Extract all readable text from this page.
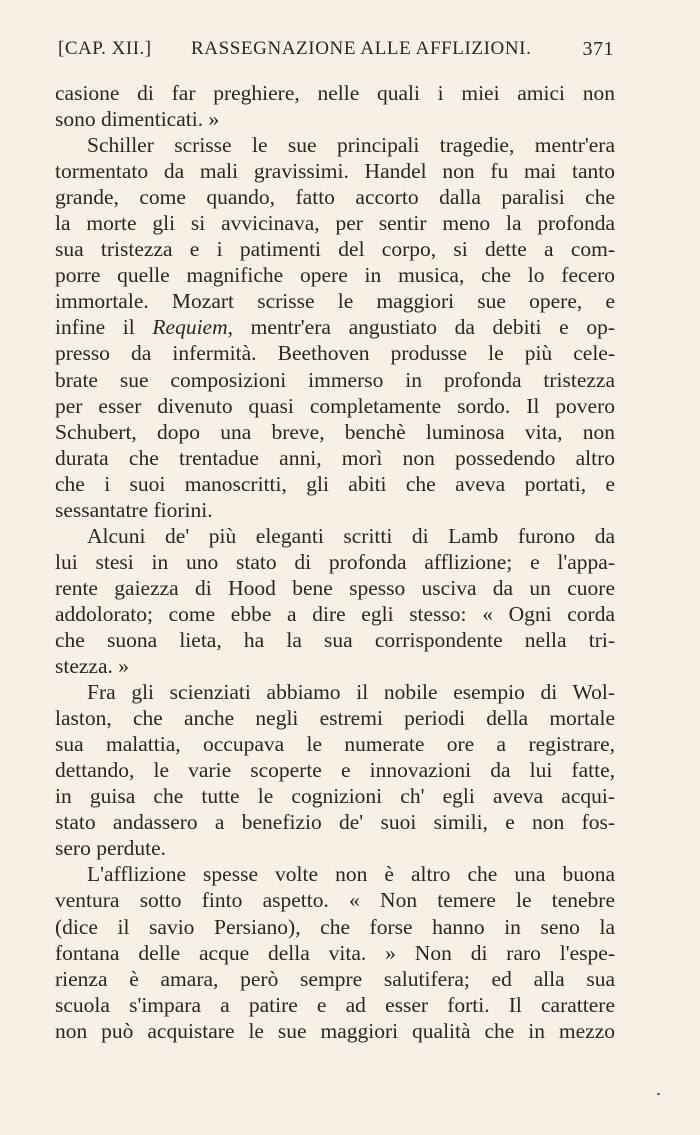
[CAP. XII.] RASSEGNAZIONE ALLE AFFLIZIONI.	371
casione di far preghiere, nelle quali i miei amici non
sono dimenticati. »
Schiller scrisse le sue principali tragedie, mentr'era
tormentato da mali gravissimi. Handel non fu mai tanto
grande, come quando, fatto accorto dalla paralisi che
la morte gli si avvicinava, per sentir meno la profonda
sua tristezza e i patimenti del corpo, si dette a com-
porre quelle magnifiche opere in musica, che lo fecero
immortale. Mozart scrisse le maggiori sue opere, e
infine il Requiem, mentr'era angustiato da debiti e op-
presso da infermità. Beethoven produsse le più cele-
brate sue composizioni immerso in profonda tristezza
per esser divenuto quasi completamente sordo. Il povero
Schubert, dopo una breve, benchè luminosa vita, non
durata che trentadue anni, morì non possedendo altro
che i suoi manoscritti, gli abiti che aveva portati, e
sessantatre fiorini.
Alcuni de' più eleganti scritti di Lamb furono da
lui stesi in uno stato di profonda afflizione; e l'appa-
rente gaiezza di Hood bene spesso usciva da un cuore
addolorato; come ebbe a dire egli stesso: « Ogni corda
che suona lieta, ha la sua corrispondente nella tri-
stezza. »
Fra gli scienziati abbiamo il nobile esempio di Wol-
laston, che anche negli estremi periodi della mortale
sua malattia, occupava le numerate ore a registrare,
dettando, le varie scoperte e innovazioni da lui fatte,
in guisa che tutte le cognizioni ch' egli aveva acqui-
stato andassero a benefizio de' suoi simili, e non fos-
sero perdute.
L'afflizione spesse volte non è altro che una buona
ventura sotto finto aspetto. « Non temere le tenebre
(dice il savio Persiano), che forse hanno in seno la
fontana delle acque della vita. » Non di raro l'espe-
rienza è amara, però sempre salutifera; ed alla sua
scuola s'impara a patire e ad esser forti. Il carattere
non può acquistare le sue maggiori qualità che in mezzo
